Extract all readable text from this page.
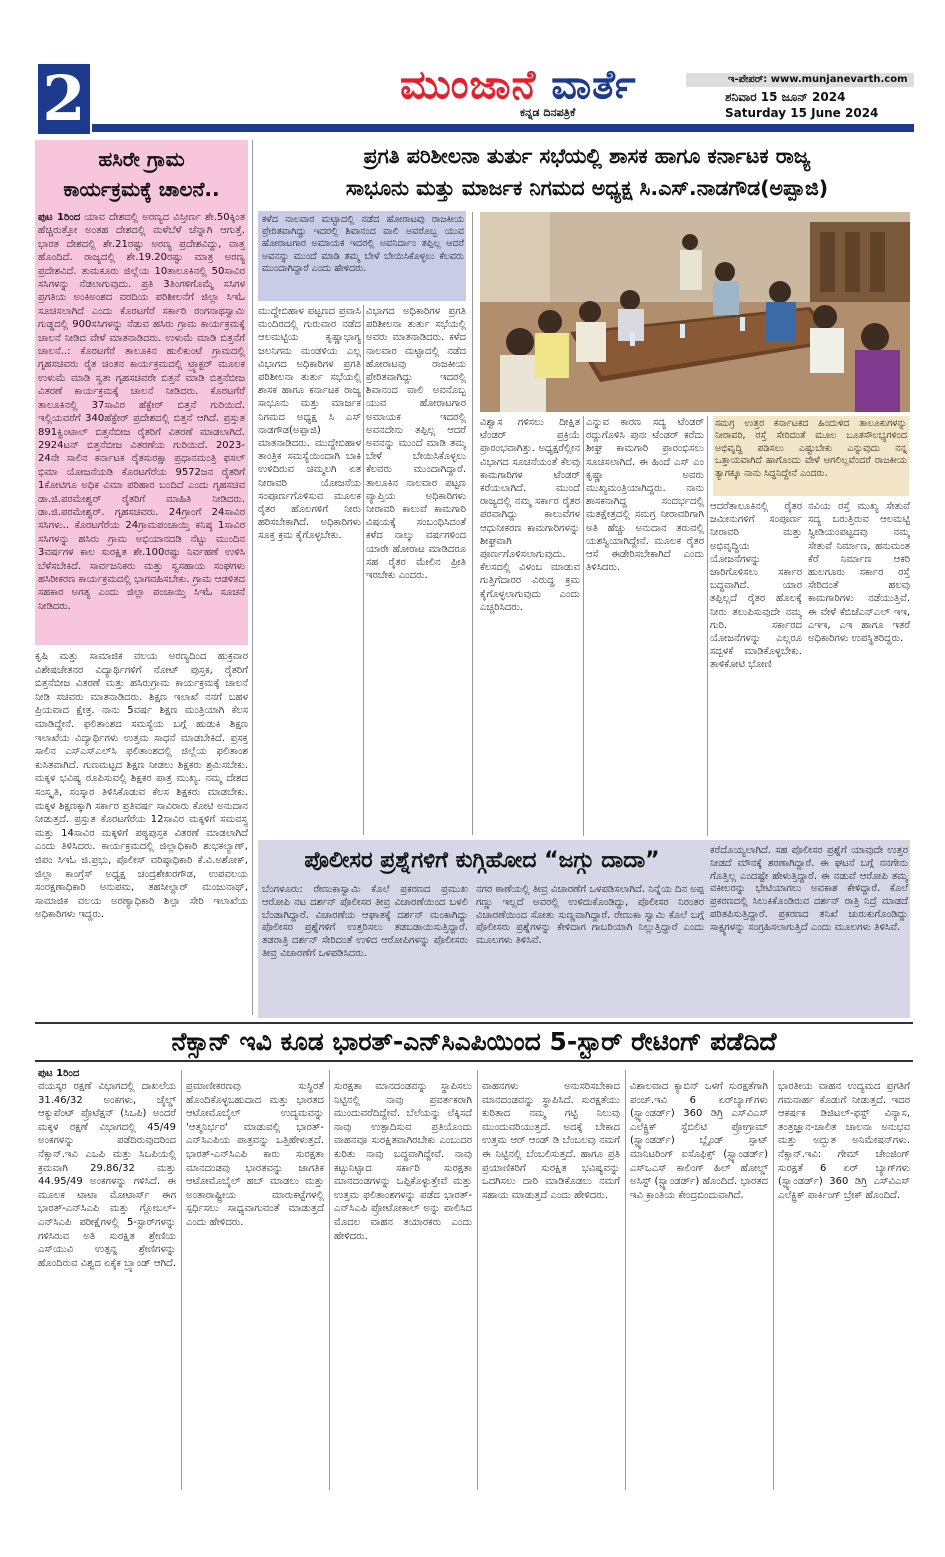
2	ಮುಂಜಾನೆ ವಾರ್ತೆ
ಕನ್ನಡ ದಿನಪತ್ರಿಕೆ
ಇ-ಪೇಪರ್: www.munjanevarth.com
ಶನಿವಾರ 15 ಜೂನ್ 2024
Saturday 15 June 2024
ಹಸಿರೇ ಗ್ರಾಮ
ಕಾರ್ಯಕ್ರಮಕ್ಕೆ ಚಾಲನೆ..
ಪುಟ 1ರಿಂದ ಯಾವ ದೇಶದಲ್ಲಿ ಅರಣ್ಯದ ವಿಸ್ತೀರ್ಣ ಶೇ.50ಕ್ಕಿಂತ ಹೆಚ್ಚಿರುತ್ತೋ ಅಂತಹ ದೇಶದಲ್ಲಿ ಮಳೆಬೆಳೆ ಚೆನ್ನಾಗಿ ಆಗುತ್ತೆ. ಭಾರತ ದೇಶದಲ್ಲಿ ಶೇ.21ರಷ್ಟು ಅರಣ್ಯ ಪ್ರದೇಶವಿದ್ದು, ವಾತ್ತ ಹೊಂದಿದೆ. ರಾಜ್ಯದಲ್ಲಿ ಶೇ.19.20ರಷ್ಟು ಮಾತ್ರ ಅರಣ್ಯ ಪ್ರದೇಶವಿದೆ. ತುಮಕೂರು ಜಿಲ್ಲೆಯ 10ತಾಲೂಕಿನಲ್ಲಿ 50ಸಾವಿರ ಸಸಿಗಳನ್ನು ನೆಡಲಾಗುವುದು. ಪ್ರತಿ 3ತಿಂಗಳಿಗೊಮ್ಮೆ ಸಸಿಗಳ ಪ್ರಗತಿಯ ಅಂಕಿಅಂಶದ ವರದಿಯ ಪರಿಶೀಲನೆಗೆ ಜಿಲ್ಲಾ ಸಿಇಓ ಸೂಚಿಸಲಾಗಿದೆ ಎಂದು ಕೊರಟಗೆರೆ ಸರ್ಕಾರಿ ರಂಗನಾಥಸ್ವಾಮಿ ಗುಡ್ಡದಲ್ಲಿ 900ಸಸಿಗಳನ್ನು ನೆಡುವ ಹಸಿರು ಗ್ರಾಮ ಕಾರ್ಯಕ್ರಮಕ್ಕೆ ಚಾಲನೆ ನೀಡಿದ ವೇಳೆ ಮಾತನಾಡಿದರು. ಉಳುಮೆ ಮಾಡಿ ಬಿತ್ತನೆಗೆ ಚಾಲನೆ..: ಕೊರಟಗೆರೆ ತಾಲೂಕಿನ ಹುಲಿಕುಂಟೆ ಗ್ರಾಮದಲ್ಲಿ ಗೃಹಸಚಿವರು ರೈತ ಚಿಂತನ ಕಾರ್ಯಕ್ರಮದಲ್ಲಿ ಟ್ರ್ಯಾಕ್ಟರ್ ಮೂಲಕ ಉಳುಮೆ ಮಾಡಿ ಸ್ವತಃ ಗೃಹಸಚಿವರೇ ಬಿತ್ತನೆ ಮಾಡಿ ಬಿತ್ತನೆಬೀಜ ವಿತರಣೆ ಕಾರ್ಯಕ್ರಮಕ್ಕೆ ಚಾಲನೆ ನೀಡಿದರು. ಕೊರಟಗೆರೆ ತಾಲೂಕಿನಲ್ಲಿ 37ಸಾವಿರ ಹೆಕ್ಟೇರ್ ಬಿತ್ತನೆ ಗುರಿಯಿದೆ. ಇಲ್ಲಿಯವರೆಗೆ 340ಹೆಕ್ಟೇರ್ ಪ್ರದೇಶದಲ್ಲಿ ಬಿತ್ತನೆ ಆಗಿದೆ. ಪ್ರಸ್ತುತ 891ಕ್ವಿಂಟಾಲ್ ಬಿತ್ತನೆಬೀಜ ರೈತರಿಗೆ ವಿತರಣೆ ಮಾಡಲಾಗಿದೆ. 2924ಟನ್ ಬಿತ್ತನೆಬೀಜ ವಿತರಣೆಯ ಗುರಿಯಿದೆ. 2023-24ನೇ ಸಾಲಿನ ಕರ್ನಾಟಕ ರೈತಸುರಕ್ಷಾ ಪ್ರಧಾನಮಂತ್ರಿ ಫಸಲ್ ಭಿಮಾ ಯೋಜನೆಯಡಿ ಕೊರಟಗೆರೆಯ 9572ಜನ ರೈತರಿಗೆ 1ಕೋಟಿಗೂ ಅಧಿಕ ವಿಮಾ ಪರಿಹಾರ ಬಂದಿದೆ ಎಂದು ಗೃಹಸಚಿವ ಡಾ.ಜಿ.ಪರಮೇಶ್ವರ್ ರೈತರಿಗೆ ಮಾಹಿತಿ ನೀಡಿದರು. ಡಾ.ಜಿ.ಪರಮೇಶ್ವರ್. ಗೃಹಸಚಿವರು. 24ಗ್ರಾಂಗೆ 24ಸಾವಿರ ಸಸಿಗಳು.. ಕೊರಟಗೆರೆಯ 24ಗ್ರಾಮಪಂಚಾಯ್ತಿ ಕನಿಷ್ಠ 1ಸಾವಿರ ಸಸಿಗಳನ್ನು ಹಸಿರು ಗ್ರಾಮ ಅಭಿಯಾನದಡಿ ನೆಟ್ಟು ಮುಂದಿನ 3ವರ್ಷಗಳ ಕಾಲ ಸುರಕ್ಷಿತ ಶೇ.100ರಷ್ಟು ನಿರ್ವಹಣೆ ಉಳಿಸಿ ಬೆಳೆಸಬೇಕಿದೆ. ಸಾರ್ವಜನಿಕರು ಮತ್ತು ಸ್ವಸಹಾಯ ಸಂಘಗಳು ಹಸಿರೀಕರಣ ಕಾರ್ಯಕ್ರಮದಲ್ಲಿ ಭಾಗವಹಿಸಬೇಕು. ಗ್ರಾಮ ಆಡಳಿತದ ಸಹಕಾರ ಅಗತ್ಯ ಎಂದು ಜಿಲ್ಲಾ ಪಂಚಾಯ್ತಿ ಸಿಇಓ ಸೂಚನೆ ನೀಡಿದರು.
ಕೃಷಿ ಮತ್ತು ಸಾಮಾಜಿಕ ವಲಯ ಅರಣ್ಯದಿಂದ ಹುಕ್ರವಾರ ವಿಶೇಷಚೇತನರ ವಿದ್ಯಾರ್ಥಿಗಳಿಗೆ ನೋಟ್ ಪುಸ್ತಕ, ರೈತರಿಗೆ ಬಿತ್ತನೆಬೀಜ ವಿತರಣೆ ಮತ್ತು ಹಸಿರುಗ್ರಾಮ ಕಾರ್ಯಕ್ರಮಕ್ಕೆ ಚಾಲನೆ ನೀಡಿ ಸಚಿವರು ಮಾತನಾಡಿದರು. ಶಿಕ್ಷಣ ಇಲಾಖೆ ನನಗೆ ಬಹಳ ಪ್ರಿಯವಾದ ಕ್ಷೇತ್ರ. ನಾನು 5ವರ್ಷ ಶಿಕ್ಷಣ ಮಂತ್ರಿಯಾಗಿ ಕೆಲಸ ಮಾಡಿದ್ದೇನೆ. ಫಲಿತಾಂಶದ ಸಮಸ್ಯೆಯ ಬಗ್ಗೆ ಹುಡುಕಿ ಶಿಕ್ಷಣ ಇಲಾಖೆಯ ವಿದ್ಯಾರ್ಥಿಗಳು ಉತ್ತಮ ಸಾಧನೆ ಮಾಡಬೇಕಿದೆ. ಪ್ರಸಕ್ತ ಸಾಲಿನ ಎಸ್ಎಸ್ಎಲ್‌ಸಿ ಫಲಿತಾಂಶದಲ್ಲಿ ಜಿಲ್ಲೆಯ ಫಲಿತಾಂಶ ಕುಸಿತವಾಗಿದೆ. ಗುಣಮಟ್ಟದ ಶಿಕ್ಷಣ ನೀಡಲು ಶಿಕ್ಷಕರು ಶ್ರಮಿಸಬೇಕು. ಮಕ್ಕಳ ಭವಿಷ್ಯ ರೂಪಿಸುವಲ್ಲಿ ಶಿಕ್ಷಕರ ಪಾತ್ರ ಮುಖ್ಯ. ನಮ್ಮ ದೇಶದ ಸಂಸ್ಕೃತಿ, ಸಂಸ್ಕಾರ ತಿಳಿಸಿಕೊಡುವ ಕೆಲಸ ಶಿಕ್ಷಕರು ಮಾಡಬೇಕು. ಮಕ್ಕಳ ಶಿಕ್ಷಣಕ್ಕಾಗಿ ಸರ್ಕಾರ ಪ್ರತಿವರ್ಷ ಸಾವಿರಾರು ಕೋಟಿ ಅನುದಾನ ನೀಡುತ್ತದೆ. ಪ್ರಸ್ತುತ ಕೊರಟಗೆರೆಯ 12ಸಾವಿರ ಮಕ್ಕಳಿಗೆ ಸಮವಸ್ತ್ರ ಮತ್ತು 14ಸಾವಿರ ಮಕ್ಕಳಿಗೆ ಪಠ್ಯಪುಸ್ತಕ ವಿತರಣೆ ಮಾಡಲಾಗಿದೆ ಎಂದು ತಿಳಿಸಿದರು. ಕಾರ್ಯಕ್ರಮದಲ್ಲಿ ಜಿಲ್ಲಾಧಿಕಾರಿ ಶುಭಕಲ್ಯಾಣ್, ಜಿಪಂ ಸಿಇಓ ಜಿ.ಪ್ರಭು, ಪೊಲೀಸ್ ವರಿಷ್ಠಾಧಿಕಾರಿ ಕೆ.ವಿ.ಅಶೋಕ್, ಜಿಲ್ಲಾ ಕಾಂಗ್ರೆಸ್ ಅಧ್ಯಕ್ಷ ಚಂದ್ರಶೇಖರಗೌಡ, ಉಪವಲಯ ಸಂರಕ್ಷಣಾಧಿಕಾರಿ ಅನುಪಮ, ತಹಸೀಲ್ದಾರ್ ಮಂಜುನಾಥ್, ಸಾಮಾಜಿಕ ವಲಯ ಅರಣ್ಯಾಧಿಕಾರಿ ಶಿಲ್ಪಾ ಸೇರಿ ಇಲಾಖೆಯ ಅಧಿಕಾರಿಗಳು ಇದ್ದರು.
ಪ್ರಗತಿ ಪರಿಶೀಲನಾ ತುರ್ತು ಸಭೆಯಲ್ಲಿ ಶಾಸಕ ಹಾಗೂ ಕರ್ನಾಟಕ ರಾಜ್ಯ
ಸಾಭೂನು ಮತ್ತು ಮಾರ್ಜಕ ನಿಗಮದ ಅಧ್ಯಕ್ಷ ಸಿ.ಎಸ್.ನಾಡಗೌಡ(ಅಪ್ಪಾಜಿ)
ಕಳೆದ ನಾಲವಾರ ಮಟ್ಟಾದಲ್ಲಿ ನಡೆದ ಹೋರಾಟವು ರಾಜಕೀಯ ಪ್ರೇರಿತವಾಗಿದ್ದು ಇದರಲ್ಲಿ ಶಿವಾನಂದ ವಾಲಿ ಅವರೊಬ್ಬ ಯುವ ಹೋರಾಟಗಾರ ಅಮಾಯಕ ಇದರಲ್ಲಿ ಅವನಿರ್ದಾಂ ತಪ್ಪಿಲ್ಲ ಆದರೆ ಅವನನ್ನು ಮುಂದೆ ಮಾಡಿ ತಮ್ಮ ಬೇಳೆ ಬೇಯಿಸಿಕೊಳ್ಳಲು ಕೆಲವರು ಮುಂದಾಗಿದ್ದಾರೆ ಎಂದು ಹೇಳಿದರು.
ಸಮಗ್ರ ಉತ್ತರ ಕರ್ನಾಟಕದ ಹಿಂದುಳಿದ ತಾಲೂಕುಗಳನ್ನು ನೀರಾವರಿ, ರಸ್ತೆ ಸೇರಿದಂತೆ ಮೂಲ ಬೂತಸೌಲಭ್ಯಗಳಿಂದ ಅಭಿವೃದ್ಧಿ ಪಡಿಸಲು ಎಷ್ಟುಬೇಕು ಎನ್ನುವುದು ನನ್ನ ಒತ್ತಾಯವಾಗಿದೆ ಹಾಗೊಂದು ವೇಳೆ ಆಗಲಿಲ್ಲವೆಂದರೆ ರಾಜಕೀಯ ತ್ಯಾಗಕ್ಕೂ ನಾನು ಸಿದ್ಧನಿದ್ದೇನೆ ಎಂದರು.
ಮುದ್ದೇಬಿಹಾಳ ಪಟ್ಟಣದ ಪ್ರವಾಸಿ ಮಂದಿರದಲ್ಲಿ ಗುರುವಾರ ನಡೆದ ಆಲಮಟ್ಟಿಯ ಕೃಷ್ಣಾಭಾಗ್ಯ ಜಲನಿಗಮ ಮಂಡಳಿಯ ಎಲ್ಲ ವಿಭಾಗದ ಅಧಿಕಾರಿಗಳ ಪ್ರಗತಿ ಪರಿಶೀಲನಾ ತುರ್ತು ಸಭೆಯಲ್ಲಿ ಶಾಸಕ ಹಾಗೂ ಕರ್ನಾಟಕ ರಾಜ್ಯ ಸಾಭೂನು ಮತ್ತು ಮಾರ್ಜಕ ನಿಗಮದ ಅಧ್ಯಕ್ಷ ಸಿ ಎಸ್ ನಾಡಗೌಡ(ಅಪ್ಪಾಜಿ) ಮಾತನಾಡಿದರು. ಮುದ್ದೇಬಿಹಾಳ ತಾಂತ್ರಿಕ ಸಮಸ್ಯೆಯಿಂದಾಗಿ ಬಾಕಿ ಉಳಿದಿರುವ ಚಿಮ್ಮಲಗಿ ಏತ ನೀರಾವರಿ ಯೋಜನೆಯ ಸಂಪೂರ್ಣಗೊಳಿಸುವ ಮೂಲಕ ರೈತರ ಹೊಲಗಳಿಗೆ ನೀರು ಹರಿಸಬೇಕಾಗಿದೆ. ಅಧಿಕಾರಿಗಳು ಸೂಕ್ತ ಕ್ರಮ ಕೈಗೊಳ್ಳಬೇಕು.
ವಿಭಾಗದ ಅಧಿಕಾರಿಗಳ ಪ್ರಗತಿ ಪರಿಶೀಲನಾ ತುರ್ತು ಸಭೆಯಲ್ಲಿ ಅವರು ಮಾತನಾಡಿದರು. ಕಳೆದ ನಾಲವಾರ ಮಟ್ಟಾದಲ್ಲಿ ನಡೆದ ಹೋರಾಟವು ರಾಜಕೀಯ ಪ್ರೇರಿತವಾಗಿದ್ದು ಇದರಲ್ಲಿ ಶಿವಾನಂದ ವಾಲಿ ಅವನೊಬ್ಬ ಯುವ ಹೋರಾಟಗಾರ ಅಮಾಯಕ ಇದರಲ್ಲಿ ಅವನದೇನು ತಪ್ಪಿಲ್ಲ ಆದರೆ ಅವನನ್ನು ಮುಂದೆ ಮಾಡಿ ತಮ್ಮ ಬೇಳೆ ಬೇಯಿಸಿಕೊಳ್ಳಲು ಕೆಲವರು ಮುಂದಾಗಿದ್ದಾರೆ. ತಾಲೂಕಿನ ನಾಲವಾರ ಪಟ್ಟಣ ವ್ಯಾಪ್ತಿಯ ಅಧಿಕಾರಿಗಳು ನೀರಾವರಿ ಕಾಲುವೆ ಕಾಮಗಾರಿ ವಿಷಯಕ್ಕೆ ಸಂಬಂಧಿಸಿದಂತೆ ಕಳೆದ ನಾಲ್ಕು ವರ್ಷಗಳಿಂದ ಯಾರೇ ಹೋರಾಟ ಮಾಡಿದರೂ ಸಹ ರೈತರ ಮೇಲಿನ ಪ್ರೀತಿ ಇರಬೇಕು ಎಂದರು.
ವಿಶ್ವಾಸ ಗಳಿಸಲು ದೀಕ್ಷಿತ ಟೆಂಡರ್ ಪ್ರಕ್ರಿಯೆ ಪ್ರಾರಂಭವಾಗಿತ್ತು. ಅಧ್ಯಕ್ಷರೆಲ್ಲೀನ ವಿಭಾಗದ ಸೂಚನೆಯಂತೆ ಕೆಲವು ಕಾಮಗಾರಿಗಳ ಟೆಂಡರ್ ಕರೆಯಲಾಗಿದೆ. ಮುಂದೆ ರಾಜ್ಯದಲ್ಲಿ ನಮ್ಮ ಸರ್ಕಾರ ರೈತರ ಪರವಾಗಿದ್ದು ಕಾಲುವೆಗಳ ಆಧುನೀಕರಣ ಕಾಮಗಾರಿಗಳನ್ನು ಶೀಘ್ರವಾಗಿ ಪೂರ್ಣಗೊಳಿಸಲಾಗುವುದು. ಕೆಲಸದಲ್ಲಿ ವಿಳಂಬ ಮಾಡುವ ಗುತ್ತಿಗೆದಾರರ ವಿರುದ್ಧ ಕ್ರಮ ಕೈಗೊಳ್ಳಲಾಗುವುದು ಎಂದು ಎಚ್ಚರಿಸಿದರು.
ಎನ್ನುವ ಕಾರಣ ಸದ್ಯ ಟೆಂಡರ್ ರದ್ದುಗೊಳಿಸಿ ಪುನಃ ಟೆಂಡರ್ ಕರೆದು ಶೀಘ್ರ ಕಾಮಗಾರಿ ಪ್ರಾರಂಭಿಸಲು ಸೂಚಿಸಲಾಗಿದೆ. ಈ ಹಿಂದೆ ಎಸ್ ಎಂ ಕೃಷ್ಣಾ ಅವರು ಮುಖ್ಯಮಂತ್ರಿಯಾಗಿದ್ದರು. ನಾನು ಶಾಸಕನಾಗಿದ್ದ ಸಂದರ್ಭದಲ್ಲಿ ಮತಕ್ಷೇತ್ರದಲ್ಲಿ ಸಮಗ್ರ ನೀರಾವರಿಗಾಗಿ ಅತಿ ಹೆಚ್ಚು ಅನುದಾನ ತರುವಲ್ಲಿ ಯಶಸ್ವಿಯಾಗಿದ್ದೇನೆ. ಮೂಲಕ ರೈತರ ಆಸೆ ಈಡೇರಿಸಬೇಕಾಗಿದೆ ಎಂದು ತಿಳಿಸಿದರು.
ಆದರೆತಾಲೂಕಿನಲ್ಲಿ ರೈತರ ಜಮೀನುಗಳಿಗೆ ಸಂಪೂರ್ಣ ನೀರಾವರಿ ಮತ್ತು ಅಭಿವೃದ್ಧಿಯ ಯೋಜನೆಗಳನ್ನು ಜಾರಿಗೊಳಿಸಲು ಸರ್ಕಾರ ಬದ್ಧವಾಗಿದೆ. ಯಾರ ತಪ್ಪಿಲ್ಲದೆ ರೈತರ ಹೊಲಕ್ಕೆ ನೀರು ತಲುಪಿಸುವುದೇ ನಮ್ಮ ಗುರಿ. ಸರ್ಕಾರದ ಯೋಜನೆಗಳನ್ನು ಎಲ್ಲರೂ ಸದ್ಬಳಕೆ ಮಾಡಿಕೊಳ್ಳಬೇಕು. ತಾಳಿಕೋಟಿ ಭೋಣಿ
ನವಿಯ ರಸ್ತೆ ಮುಖ್ಯ ಸೇತುವೆ ಸದ್ಯ ಬರುತ್ತಿರುವ ಆಲಮಟ್ಟಿ ಸ್ವೀಡಿಯಂಪಟ್ಟದವು ನಮ್ಮ ಸೇತುವೆ ನಿರ್ಮಾಣ, ಹನುಮಂತ ಕೆರೆ ನಿರ್ಮಾಣ ಆಕರಿ ಹುಲಗೂರು ಸರ್ಕಾರ ರಸ್ತೆ ಸೇರಿದಂತೆ ಹಲವು ಕಾಮಗಾರಿಗಳು ನಡೆಯುತ್ತಿವೆ. ಈ ವೇಳೆ ಕೆಬಿಜೆಎನ್‌ಎಲ್ ಇಇ, ಎಇಇ, ಎಇ ಹಾಗೂ ಇತರೆ ಅಧಿಕಾರಿಗಳು ಉಪಸ್ಥಿತರಿದ್ದರು.
ಪೊಲೀಸರ ಪ್ರಶ್ನೆಗಳಿಗೆ ಕುಗ್ಗಿಹೋದ “ಜಗ್ಗು ದಾದಾ”
ಬೆಂಗಳೂರು: ರೇಣುಕಾಸ್ವಾಮಿ ಕೊಲೆ ಪ್ರಕರಣದ ಪ್ರಮುಖ ಆರೋಪಿ ನಟ ದರ್ಶನ್ ಪೊಲೀಸರ ತೀವ್ರ ವಿಚಾರಣೆಯಿಂದ ಬಳಲಿ ಬೆಂಡಾಗಿದ್ದಾರೆ. ವಿಚಾರಣೆಯ ಆಘಾತಕ್ಕೆ ದರ್ಶನ್ ಮಂಕಾಗಿದ್ದು ಪೊಲೀಸರ ಪ್ರಶ್ನೆಗಳಿಗೆ ಉತ್ತರಿಸಲು ತಡಬಡಾಯಿಸುತ್ತಿದ್ದಾರೆ. ತಡರಾತ್ರಿ ದರ್ಶನ್ ಸೇರಿದಂತೆ ಉಳಿದ ಆರೋಪಿಗಳನ್ನು ಪೊಲೀಸರು ತೀವ್ರ ವಿಚಾರಣೆಗೆ ಒಳಪಡಿಸಿದರು.
ನಗರ ಠಾಣೆಯಲ್ಲಿ ತೀವ್ರ ವಿಚಾರಣೆಗೆ ಒಳಪಡಿಸಲಾಗಿದೆ. ನಿನ್ನೆಯ ದಿನ ಅಪ್ಪ ಗಣ್ಣು ಇಲ್ಲದೆ ಅವರಲ್ಲಿ ಉಳಿದುಕೊಂಡಿದ್ದು, ಪೊಲೀಸರ ನಿರಂತರ ವಿಚಾರಣೆಯಿಂದ ಸೋತು ಸುಣ್ಣವಾಗಿದ್ದಾರೆ. ರೇಣುಕಾ ಸ್ವಾಮಿ ಕೊಲೆ ಬಗ್ಗೆ ಪೊಲೀಸರು ಪ್ರಶ್ನೆಗಳನ್ನು ಕೇಳಿದಾಗ ಗಾಬರಿಯಾಗಿ ನಿಲ್ಲುತ್ತಿದ್ದಾರೆ ಎಂದು ಮೂಲಗಳು ತಿಳಿಸಿವೆ.
ಕರೆದೊಯ್ಯಲಾಗಿದೆ. ಸಹ ಪೊಲೀಸರ ಪ್ರಶ್ನೆಗೆ ಯಾವುದೇ ಉತ್ತರ ನೀಡದೆ ಮೌನಕ್ಕೆ ಶರಣಾಗಿದ್ದಾರೆ. ಈ ಘಟನೆ ಬಗ್ಗೆ ನನಗೇನು ಗೊತ್ತಿಲ್ಲ ಎಂದಷ್ಟೇ ಹೇಳುತ್ತಿದ್ದಾರೆ. ಈ ನಡುವೆ ಆರೋಪಿ ತಮ್ಮ ವಕೀಲರನ್ನು ಭೇಟಿಯಾಗಲು ಅವಕಾಶ ಕೇಳಿದ್ದಾರೆ. ಕೊಲೆ ಪ್ರಕರಣದಲ್ಲಿ ಸಿಲುಕಿಕೊಂಡಿರುವ ದರ್ಶನ್ ರಾತ್ರಿ ನಿದ್ರೆ ಮಾಡದೆ ಪರಿತಪಿಸುತ್ತಿದ್ದಾರೆ. ಪ್ರಕರಣದ ತನಿಖೆ ಚುರುಕುಗೊಂಡಿದ್ದು ಸಾಕ್ಷ್ಯಗಳನ್ನು ಸಂಗ್ರಹಿಸಲಾಗುತ್ತಿದೆ ಎಂದು ಮೂಲಗಳು ತಿಳಿಸಿವೆ.
ನೆಕ್ಸಾನ್ ಇವಿ ಕೂಡ ಭಾರತ್-ಎನ್‌ಸಿಎಪಿಯಿಂದ 5-ಸ್ಟಾರ್ ರೇಟಿಂಗ್ ಪಡೆದಿದೆ
ಪುಟ 1ರಿಂದ
ವಯಸ್ಕರ ರಕ್ಷಣೆ ವಿಭಾಗದಲ್ಲಿ ದಾಖಲೆಯ 31.46/32 ಅಂಕಗಳು, ಚೈಲ್ಡ್ ಆಕ್ಯುಪೆಂಟ್ ಪ್ರೊಟೆಕ್ಷನ್ (ಸಿಒಪಿ) ಅಂದರೆ ಮಕ್ಕಳ ರಕ್ಷಣೆ ವಿಭಾಗದಲ್ಲಿ 45/49 ಅಂಕಗಳನ್ನು ಪಡೆದಿರುವುದರಿಂದ ನೆಕ್ಸಾನ್.ಇವಿ ಎಒಪಿ ಮತ್ತು ಸಿಒಪಿಯಲ್ಲಿ ಕ್ರಮವಾಗಿ 29.86/32 ಮತ್ತು 44.95/49 ಅಂಕಗಳನ್ನು ಗಳಿಸಿದೆ. ಈ ಮೂಲಕ ಟಾಟಾ ಮೋಟಾರ್ಸ್ ಈಗ ಭಾರತ್-ಎನ್‌ಸಿಎಪಿ ಮತ್ತು ಗ್ಲೋಬಲ್-ಎನ್‌ಸಿಎಪಿ ಪರೀಕ್ಷೆಗಳಲ್ಲಿ 5-ಸ್ಟಾರ್‌ಗಳನ್ನು ಗಳಿಸಿರುವ ಅತಿ ಸುರಕ್ಷಿತ ಶ್ರೇಣಿಯ ಎಸ್‌ಯುವಿ ಉತ್ಪನ್ನ ಶ್ರೇಣಿಗಳನ್ನು ಹೊಂದಿರುವ ವಿಶ್ವದ ಏಕೈಕ ಬ್ರ್ಯಾಂಡ್ ಆಗಿದೆ.
ಪ್ರಮಾಣೀಕರಣವು ಸುಸ್ಥಿರತೆ ಹೊಂದಿಕೊಳ್ಳಬಹುದಾದ ಮತ್ತು ಭಾರತದ ಆಟೋಮೊಬೈಲ್ ಉದ್ಯಮವನ್ನು 'ಆತ್ಮನಿರ್ಭರ' ಮಾಡುವಲ್ಲಿ ಭಾರತ್-ಎನ್‌ಸಿಎಪಿಯ ಪಾತ್ರವನ್ನು ಒತ್ತಿಹೇಳುತ್ತದೆ. ಭಾರತ್-ಎನ್‌ಸಿಎಪಿ ಕಾರು ಸುರಕ್ಷತಾ ಮಾನದಂಡವು ಭಾರತವನ್ನು ಜಾಗತಿಕ ಆಟೋಮೊಬೈಲ್ ಹಬ್ ಮಾಡಲು ಮತ್ತು ಅಂತಾರಾಷ್ಟ್ರೀಯ ಮಾರುಕಟ್ಟೆಗಳಲ್ಲಿ ಸ್ಪರ್ಧಿಸಲು ಸಾಧ್ಯವಾಗುವಂತೆ ಮಾಡುತ್ತದೆ ಎಂದು ಹೇಳಿದರು.
ಸುರಕ್ಷತಾ ಮಾನದಂಡವನ್ನು ಸ್ಥಾಪಿಸಲು ನಿಟ್ಟಿನಲ್ಲಿ ನಾವು ಪ್ರವರ್ತಕರಾಗಿ ಮುಂದುವರೆದಿದ್ದೇವೆ. ಬೆಲೆಯನ್ನು ಲೆಕ್ಕಿಸದೆ ನಾವು ಉತ್ಪಾದಿಸುವ ಪ್ರತಿಯೊಂದು ವಾಹನವೂ ಸುರಕ್ಷಿತವಾಗಿರಬೇಕು ಎಂಬುದರ ಕುರಿತು ನಾವು ಬದ್ಧವಾಗಿದ್ದೇವೆ. ನಾವು ಕಟ್ಟುನಿಟ್ಟಾದ ಸರ್ಕಾರಿ ಸುರಕ್ಷತಾ ಮಾನದಂಡಗಳನ್ನು ಒಪ್ಪಿಕೊಳ್ಳುತ್ತೇವೆ ಮತ್ತು ಉತ್ತಮ ಫಲಿತಾಂಶಗಳನ್ನು ಪಡೆದ ಭಾರತ್-ಎನ್‌ಸಿಎಪಿ ಪ್ರೋಟೋಕಾಲ್ ಅನ್ನು ಪಾಲಿಸಿದ ಮೊದಲ ವಾಹನ ತಯಾರಕರು ಎಂದು ಹೇಳಿದರು.
ವಾಹನಗಳು ಅನುಸರಿಸಬೇಕಾದ ಮಾನದಂಡವನ್ನು ಸ್ಥಾಪಿಸಿದೆ. ಸುರಕ್ಷತೆಯು ಕುರಿತಾದ ನಮ್ಮ ಗಟ್ಟಿ ನಿಲುವು ಮುಂದುವರಿಯುತ್ತದೆ. ಅದಕ್ಕೆ ಬೇಕಾದ ಉತ್ತಮ ಆರ್ ಆಂಡ್ ಡಿ ಬೆಂಬಲವು ನಮಗೆ ಈ ನಿಟ್ಟಿನಲ್ಲಿ ಬೆಂಬಲಿಸುತ್ತದೆ. ಹಾಗೂ ಪ್ರತಿ ಪ್ರಯಾಣಿಕರಿಗೆ ಸುರಕ್ಷಿತ ಭವಿಷ್ಯವನ್ನು ಒದಗಿಸಲು ದಾರಿ ಮಾಡಿಕೊಡಲು ನಮಗೆ ಸಹಾಯ ಮಾಡುತ್ತದೆ ಎಂದು ಹೇಳಿದರು.
ವಿಶಾಲವಾದ ಕ್ಯಾಬಿನ್ ಒಳಗೆ ಸುರಕ್ಷತೆಗಾಗಿ ಪಂಚ್.ಇವಿ 6 ಏರ್‌ಬ್ಯಾಗ್‌ಗಳು (ಸ್ಟ್ಯಾಂಡರ್ಡ್) 360 ಡಿಗ್ರಿ ಎಸ್‌ವಿಎಸ್ ಎಲೆಕ್ಟ್ರಿಕ್ ಸ್ಟೆಬಿಲಿಟಿ ಪ್ರೋಗ್ರಾಮ್ (ಸ್ಟ್ಯಾಂಡರ್ಡ್) ಬ್ಲೈಂಡ್ ಸ್ಪಾಟ್ ಮಾನಿಟರಿಂಗ್ ಐಸೊಫಿಕ್ಸ್ (ಸ್ಟ್ಯಾಂಡರ್ಡ್) ಎಸ್‌ಒಎಸ್ ಕಾಲಿಂಗ್ ಹಿಲ್ ಹೋಲ್ಡ್ ಅಸಿಸ್ಟ್ (ಸ್ಟ್ಯಾಂಡರ್ಡ್) ಹೊಂದಿದೆ. ಭಾರತದ ಇವಿ ಕ್ರಾಂತಿಯ ಕೇಂದ್ರಬಿಂದುವಾಗಿದೆ.
ಭಾರತೀಯ ವಾಹನ ಉದ್ಯಮದ ಪ್ರಗತಿಗೆ ಗಮನಾರ್ಹ ಕೊಡುಗೆ ನೀಡುತ್ತದೆ. ಇದರ ಆಕರ್ಷಕ ಡಿಜಿಟಲ್-ಫಸ್ಟ್ ವಿನ್ಯಾಸ, ತಂತ್ರಜ್ಞಾನ-ಚಾಲಿತ ಚಾಲನಾ ಅನುಭವ ಮತ್ತು ಅದ್ಭುತ ಅನಿಮೇಷನ್‌ಗಳು. ನೆಕ್ಸಾನ್.ಇವಿ: ಗೇಮ್ ಚೇಂಜಿಂಗ್ ಸುರಕ್ಷತೆ 6 ಏರ್ ಬ್ಯಾಗ್‌ಗಳು (ಸ್ಟ್ಯಾಂಡರ್ಡ್) 360 ಡಿಗ್ರಿ ಎಸ್‌ವಿಎಸ್ ಎಲೆಕ್ಟ್ರಿಕ್ ಪಾರ್ಕಿಂಗ್ ಬ್ರೇಕ್ ಹೊಂದಿದೆ.
